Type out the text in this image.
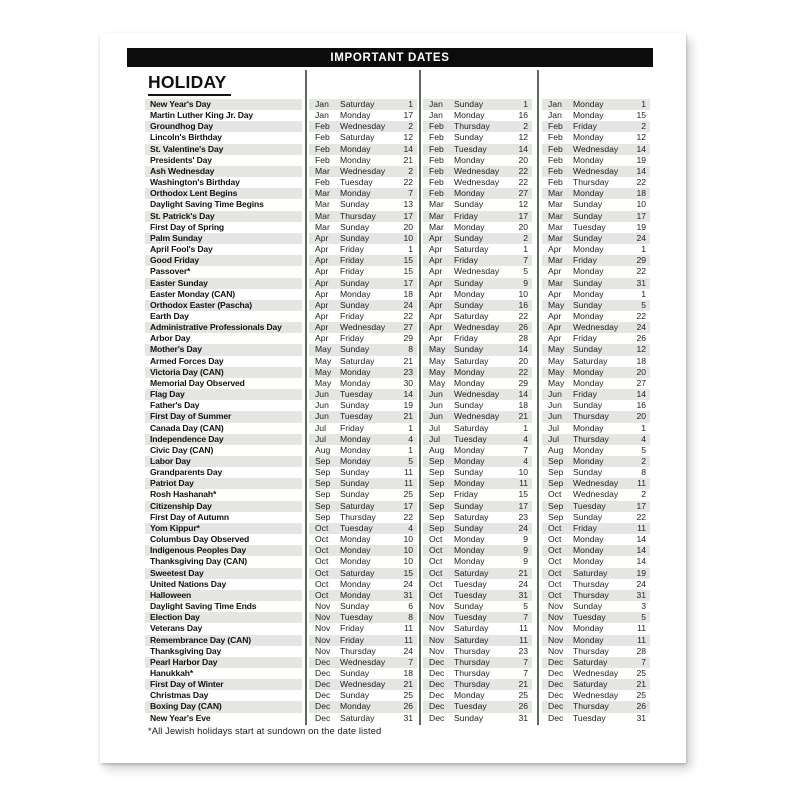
IMPORTANT DATES
HOLIDAY
New Year's Day	Jan	Saturday	1 Jan	Sunday	1 Jan	Monday	1
Martin Luther King Jr. Day	Jan	Monday	17 Jan	Monday	16 Jan	Monday	15
Groundhog Day	Feb	Wednesday	2 Feb	Thursday	2 Feb	Friday	2
Lincoln's Birthday	Feb	Saturday	12 Feb	Sunday	12 Feb	Monday	12
St. Valentine's Day	Feb	Monday	14 Feb	Tuesday	14 Feb	Wednesday	14
Presidents' Day	Feb	Monday	21 Feb	Monday	20 Feb	Monday	19
Ash Wednesday	Mar	Wednesday	2 Feb	Wednesday	22 Feb	Wednesday	14
Washington's Birthday	Feb	Tuesday	22 Feb	Wednesday	22 Feb	Thursday	22
Orthodox Lent Begins	Mar	Monday	7 Feb	Monday	27 Mar	Monday	18
Daylight Saving Time Begins	Mar	Sunday	13 Mar	Sunday	12 Mar	Sunday	10
St. Patrick's Day	Mar	Thursday	17 Mar	Friday	17 Mar	Sunday	17
First Day of Spring	Mar	Sunday	20 Mar	Monday	20 Mar	Tuesday	19
Palm Sunday	Apr	Sunday	10 Apr	Sunday	2 Mar	Sunday	24
April Fool's Day	Apr	Friday	1 Apr	Saturday	1 Apr	Monday	1
Good Friday	Apr	Friday	15 Apr	Friday	7 Mar	Friday	29
Passover*	Apr	Friday	15 Apr	Wednesday	5 Apr	Monday	22
Easter Sunday	Apr	Sunday	17 Apr	Sunday	9 Mar	Sunday	31
Easter Monday (CAN)	Apr	Monday	18 Apr	Monday	10 Apr	Monday	1
Orthodox Easter (Pascha)	Apr	Sunday	24 Apr	Sunday	16 May	Sunday	5
Earth Day	Apr	Friday	22 Apr	Saturday	22 Apr	Monday	22
Administrative Professionals Day	Apr	Wednesday	27 Apr	Wednesday	26 Apr	Wednesday	24
Arbor Day	Apr	Friday	29 Apr	Friday	28 Apr	Friday	26
Mother's Day	May	Sunday	8 May	Sunday	14 May	Sunday	12
Armed Forces Day	May	Saturday	21 May	Saturday	20 May	Saturday	18
Victoria Day (CAN)	May	Monday	23 May	Monday	22 May	Monday	20
Memorial Day Observed	May	Monday	30 May	Monday	29 May	Monday	27
Flag Day	Jun	Tuesday	14 Jun	Wednesday	14 Jun	Friday	14
Father's Day	Jun	Sunday	19 Jun	Sunday	18 Jun	Sunday	16
First Day of Summer	Jun	Tuesday	21 Jun	Wednesday	21 Jun	Thursday	20
Canada Day (CAN)	Jul	Friday	1 Jul	Saturday	1 Jul	Monday	1
Independence Day	Jul	Monday	4 Jul	Tuesday	4 Jul	Thursday	4
Civic Day (CAN)	Aug	Monday	1 Aug	Monday	7 Aug	Monday	5
Labor Day	Sep	Monday	5 Sep	Monday	4 Sep	Monday	2
Grandparents Day	Sep	Sunday	11 Sep	Sunday	10 Sep	Sunday	8
Patriot Day	Sep	Sunday	11 Sep	Monday	11 Sep	Wednesday	11
Rosh Hashanah*	Sep	Sunday	25 Sep	Friday	15 Oct	Wednesday	2
Citizenship Day	Sep	Saturday	17 Sep	Sunday	17 Sep	Tuesday	17
First Day of Autumn	Sep	Thursday	22 Sep	Saturday	23 Sep	Sunday	22
Yom Kippur*	Oct	Tuesday	4 Sep	Sunday	24 Oct	Friday	11
Columbus Day Observed	Oct	Monday	10 Oct	Monday	9 Oct	Monday	14
Indigenous Peoples Day	Oct	Monday	10 Oct	Monday	9 Oct	Monday	14
Thanksgiving Day (CAN)	Oct	Monday	10 Oct	Monday	9 Oct	Monday	14
Sweetest Day	Oct	Saturday	15 Oct	Saturday	21 Oct	Saturday	19
United Nations Day	Oct	Monday	24 Oct	Tuesday	24 Oct	Thursday	24
Halloween	Oct	Monday	31 Oct	Tuesday	31 Oct	Thursday	31
Daylight Saving Time Ends	Nov	Sunday	6 Nov	Sunday	5 Nov	Sunday	3
Election Day	Nov	Tuesday	8 Nov	Tuesday	7 Nov	Tuesday	5
Veterans Day	Nov	Friday	11 Nov	Saturday	11 Nov	Monday	11
Remembrance Day (CAN)	Nov	Friday	11 Nov	Saturday	11 Nov	Monday	11
Thanksgiving Day	Nov	Thursday	24 Nov	Thursday	23 Nov	Thursday	28
Pearl Harbor Day	Dec	Wednesday	7 Dec	Thursday	7 Dec	Saturday	7
Hanukkah*	Dec	Sunday	18 Dec	Thursday	7 Dec	Wednesday	25
First Day of Winter	Dec	Wednesday	21 Dec	Thursday	21 Dec	Saturday	21
Christmas Day	Dec	Sunday	25 Dec	Monday	25 Dec	Wednesday	25
Boxing Day (CAN)	Dec	Monday	26 Dec	Tuesday	26 Dec	Thursday	26
New Year's Eve	Dec	Saturday	31 Dec	Sunday	31 Dec	Tuesday	31
*All Jewish holidays start at sundown on the date listed
